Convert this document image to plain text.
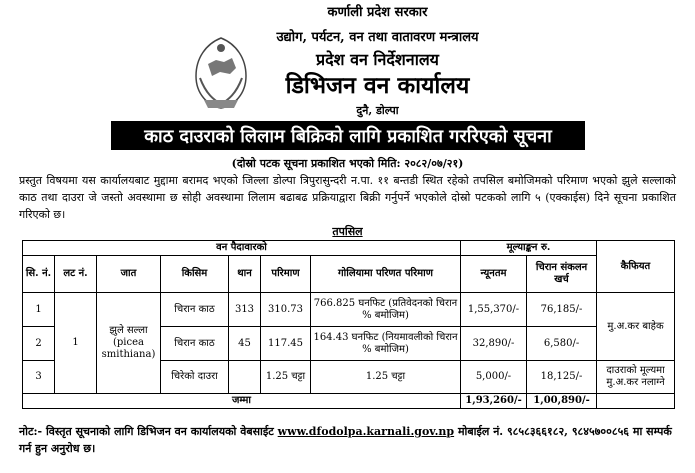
कर्णाली प्रदेश सरकार
उद्योग, पर्यटन, वन तथा वातावरण मन्त्रालय
प्रदेश वन निर्देशनालय
डिभिजन वन कार्यालय
दुनै, डोल्पा
काठ दाउराको लिलाम बिक्रिको लागि प्रकाशित गररिएको सूचना
(दोस्रो पटक सूचना प्रकाशित भएको मिति: २०८२/०७/२१)
प्रस्तुत विषयमा यस कार्यालयबाट मुद्दामा बरामद भएको जिल्ला डोल्पा त्रिपुरासुन्दरी न.पा. ११ बन्तडी स्थित रहेको तपसिल बमोजिमको परिमाण भएको झुले सल्लाको काठ तथा दाउरा जे जस्तो अवस्थामा छ सोही अवस्थामा लिलाम बढाबढ प्रक्रियाद्वारा बिक्री गर्नुपर्ने भएकोले दोस्रो पटकको लागि ५ (एक्काईस) दिने सूचना प्रकाशित गरिएको छ।
तपसिल
वन पैदावारको							मूल्याङ्कन रु.		कैफियत
सि. नं.	लट नं.	जात	किसिम	थान	परिमाण	गोलियामा परिणत परिमाण	न्यूनतम	चिरान संकलन खर्च	
1	1	झुले सल्ला (picea smithiana)	चिरान काठ	313	310.73	766.825 घनफिट (प्रतिवेदनको चिरान % बमोजिम)	1,55,370/-	76,185/-	मु.अ.कर बाहेक
2			चिरान काठ	45	117.45	164.43 घनफिट (नियमावलीको चिरान % बमोजिम)	32,890/-	6,580/-	
3			चिरेको दाउरा		1.25 चट्टा	1.25 चट्टा	5,000/-	18,125/-	दाउराको मूल्यमा मु.अ.कर नलाग्ने
जम्मा							1,93,260/-	1,00,890/-	
नोट:- विस्तृत सूचनाको लागि डिभिजन वन कार्यालयको वेबसाईट www.dfodolpa.karnali.gov.np मोबाईल नं. ९८५८३६६१८२, ९८४५७००८५६ मा सम्पर्क गर्न हुन अनुरोध छ।
